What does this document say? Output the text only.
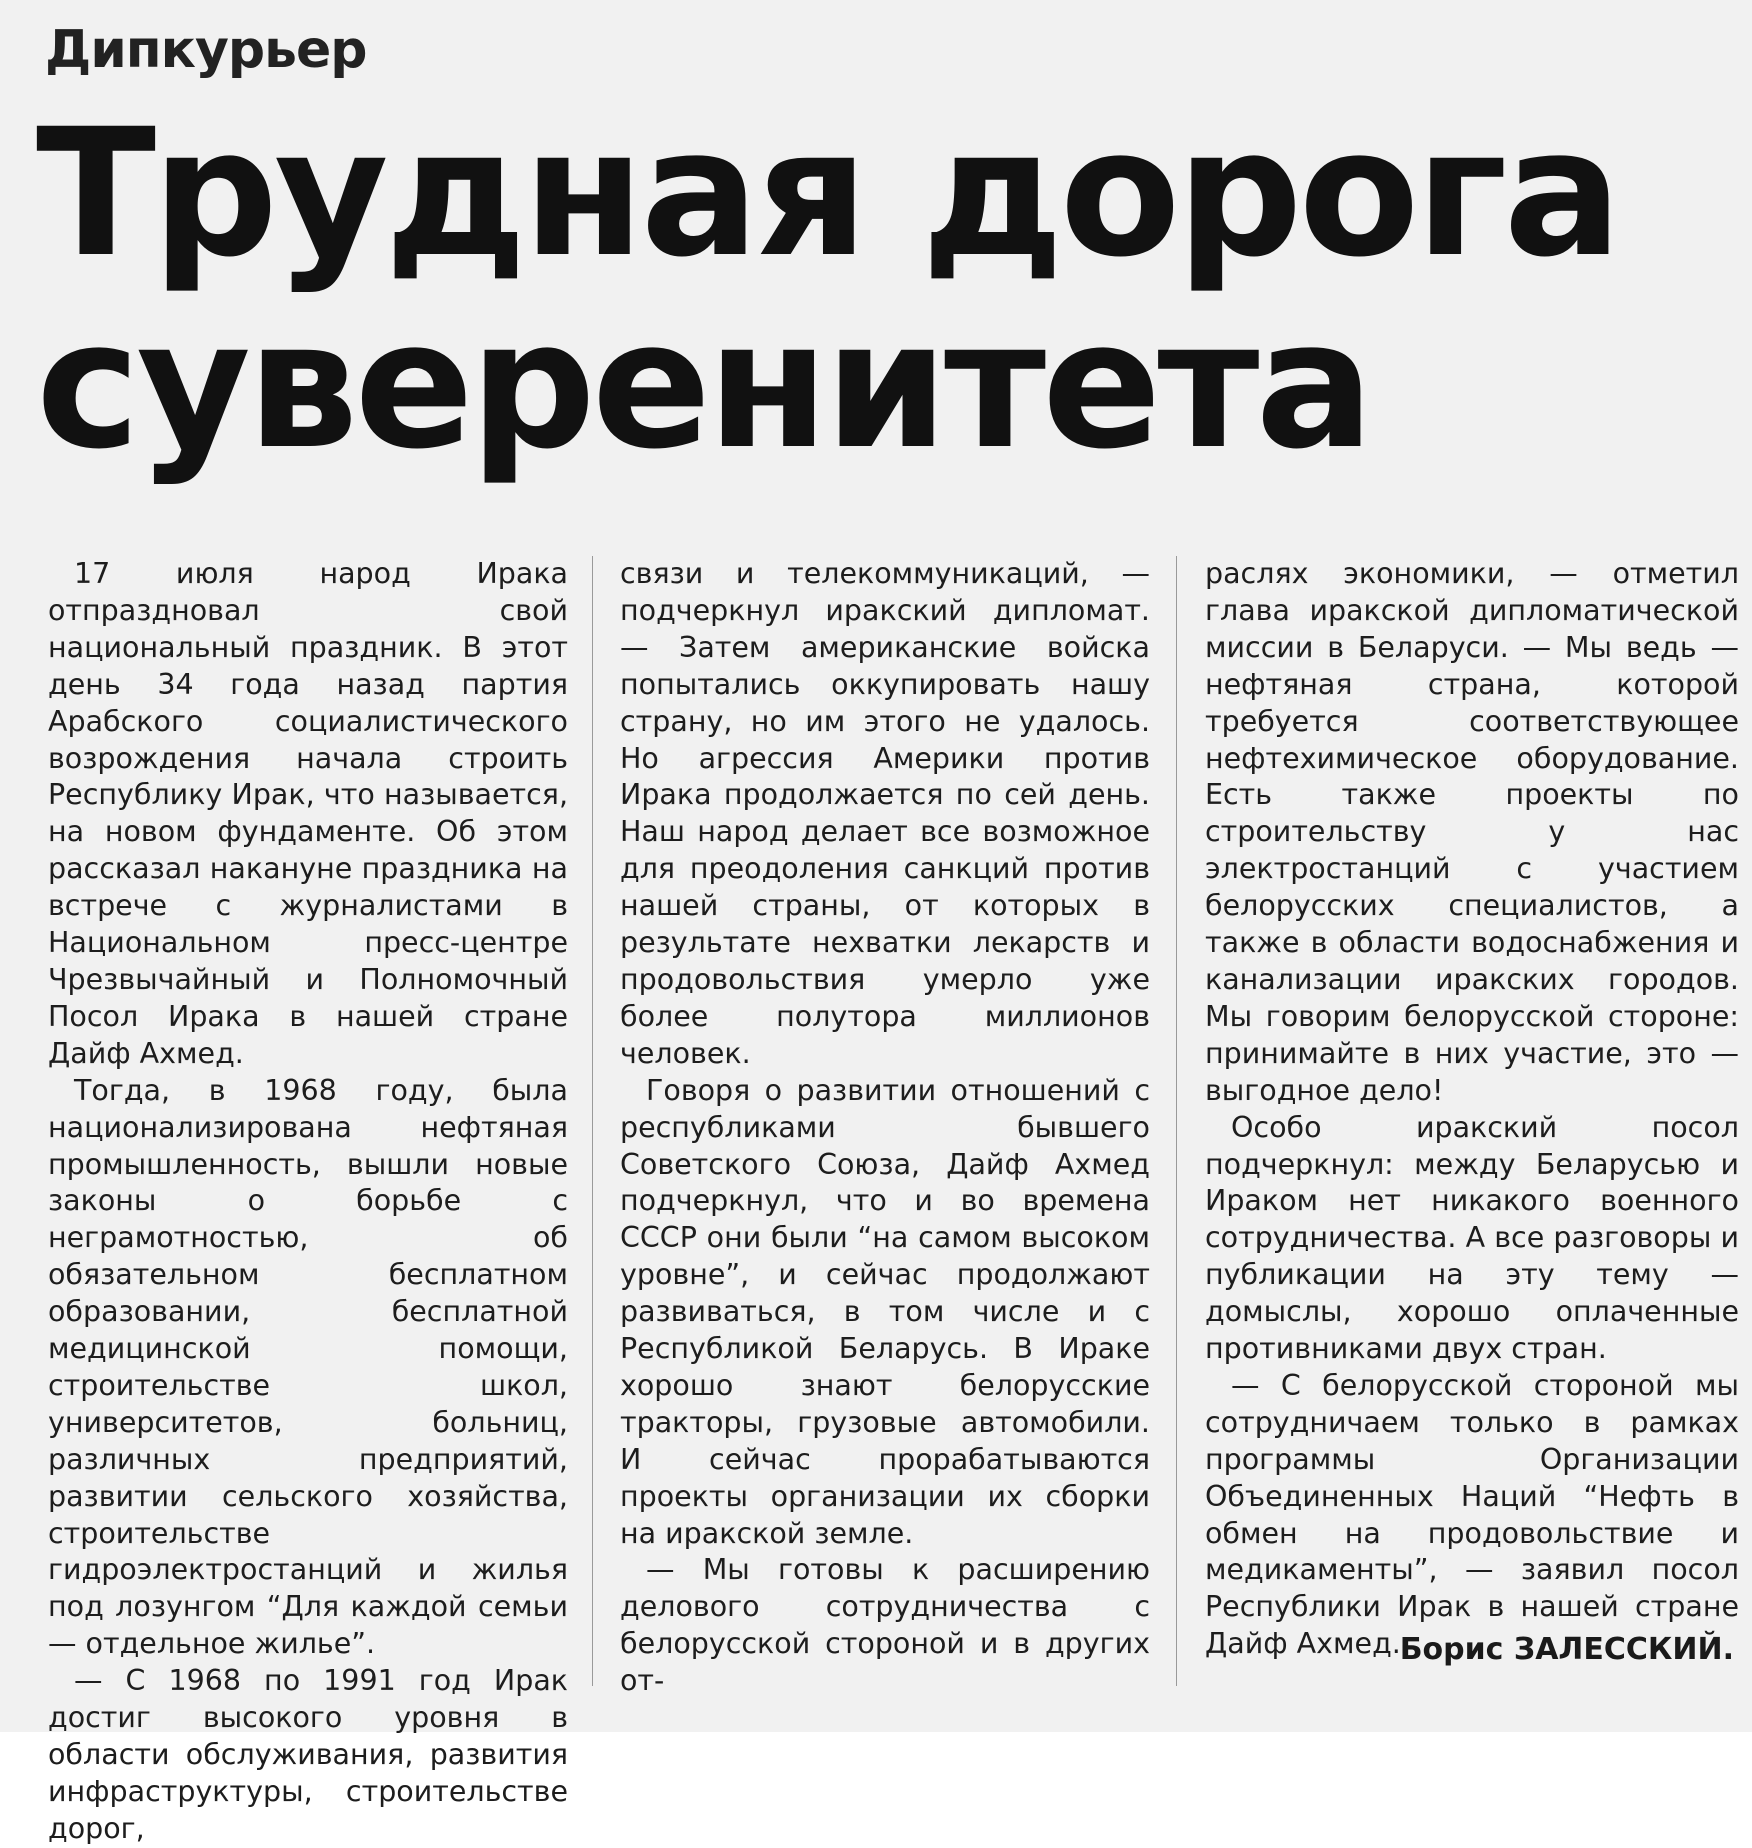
Дипкурьер
Трудная дорога
суверенитета

17 июля народ Ирака отпраздновал свой национальный праздник. В этот день 34 года назад партия Арабского социалистического возрождения начала строить Республику Ирак, что называется, на новом фундаменте. Об этом рассказал накануне праздника на встрече с журналистами в Национальном пресс-центре Чрезвычайный и Полномочный Посол Ирака в нашей стране Дайф Ахмед.

Тогда, в 1968 году, была национализирована нефтяная промышленность, вышли новые законы о борьбе с неграмотностью, об обязательном бесплатном образовании, бесплатной медицинской помощи, строительстве школ, университетов, больниц, различных предприятий, развитии сельского хозяйства, строительстве гидроэлектростанций и жилья под лозунгом “Для каждой семьи — отдельное жилье”.

— С 1968 по 1991 год Ирак достиг высокого уровня в области обслуживания, развития инфраструктуры, строительстве дорог,

связи и телекоммуникаций, — подчеркнул иракский дипломат. — Затем американские войска попытались оккупировать нашу страну, но им этого не удалось. Но агрессия Америки против Ирака продолжается по сей день. Наш народ делает все возможное для преодоления санкций против нашей страны, от которых в результате нехватки лекарств и продовольствия умерло уже более полутора миллионов человек.

Говоря о развитии отношений с республиками бывшего Советского Союза, Дайф Ахмед подчеркнул, что и во времена СССР они были “на самом высоком уровне”, и сейчас продолжают развиваться, в том числе и с Республикой Беларусь. В Ираке хорошо знают белорусские тракторы, грузовые автомобили. И сейчас прорабатываются проекты организации их сборки на иракской земле.

— Мы готовы к расширению делового сотрудничества с белорусской стороной и в других от-

раслях экономики, — отметил глава иракской дипломатической миссии в Беларуси. — Мы ведь — нефтяная страна, которой требуется соответствующее нефтехимическое оборудование. Есть также проекты по строительству у нас электростанций с участием белорусских специалистов, а также в области водоснабжения и канализации иракских городов. Мы говорим белорусской стороне: принимайте в них участие, это — выгодное дело!

Особо иракский посол подчеркнул: между Беларусью и Ираком нет никакого военного сотрудничества. А все разговоры и публикации на эту тему — домыслы, хорошо оплаченные противниками двух стран.

— С белорусской стороной мы сотрудничаем только в рамках программы Организации Объединенных Наций “Нефть в обмен на продовольствие и медикаменты”, — заявил посол Республики Ирак в нашей стране Дайф Ахмед.

Борис ЗАЛЕССКИЙ.
